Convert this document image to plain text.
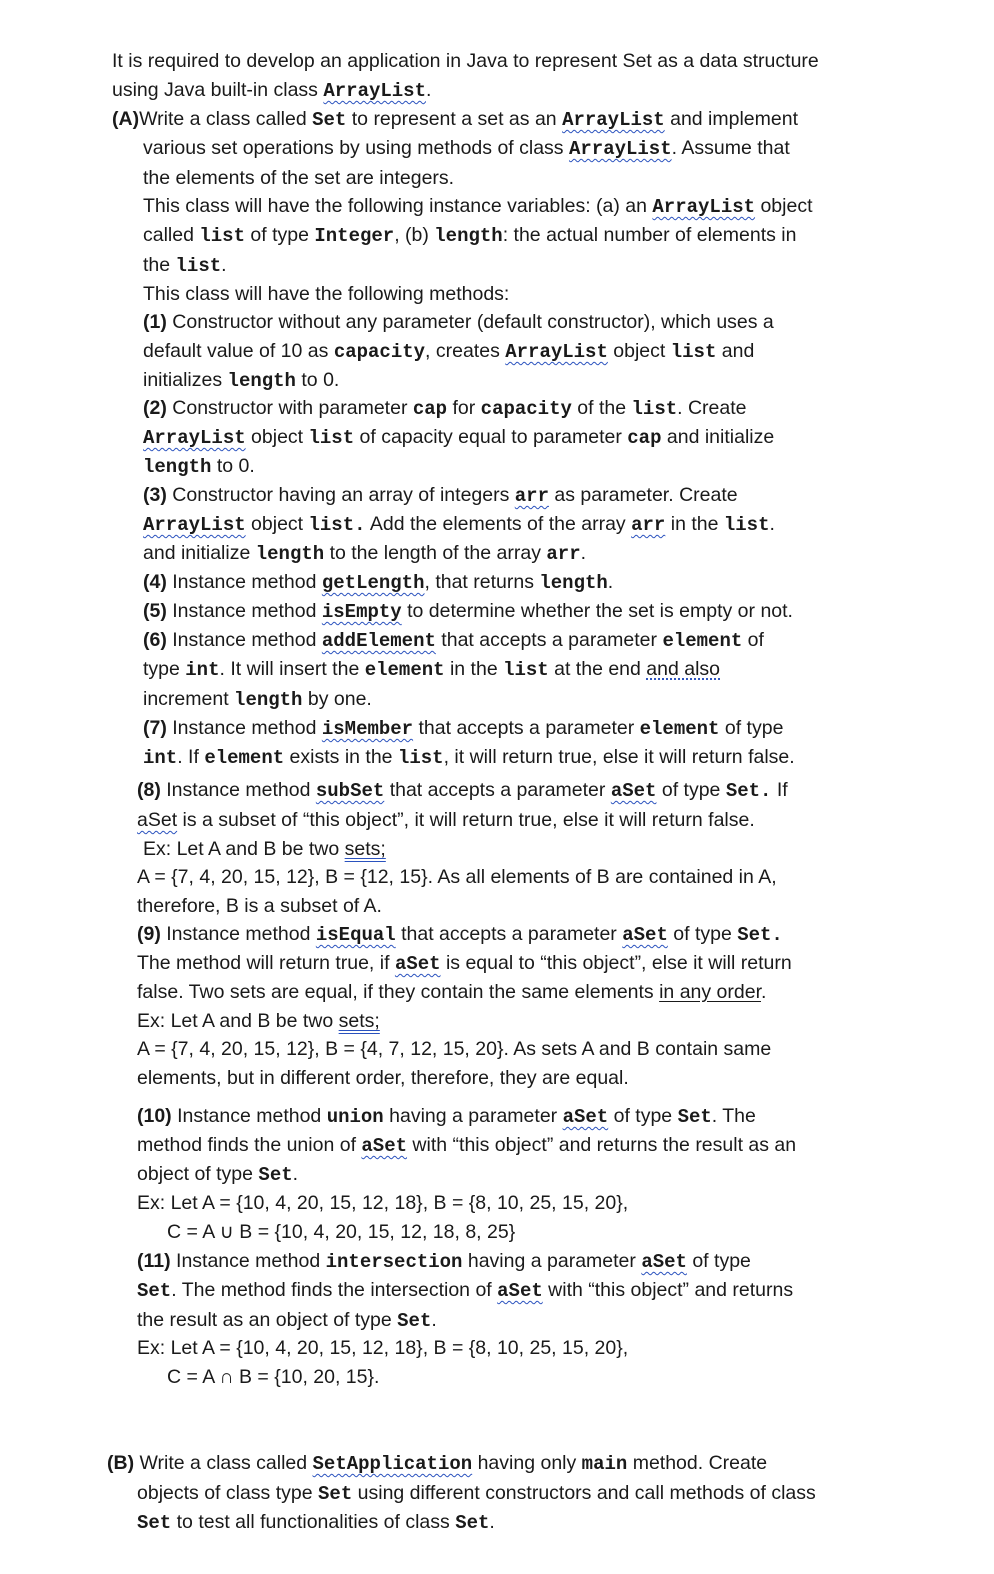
It is required to develop an application in Java to represent Set as a data structure
using Java built-in class ArrayList.
(A)Write a class called Set to represent a set as an ArrayList and implement
various set operations by using methods of class ArrayList. Assume that
the elements of the set are integers.
This class will have the following instance variables: (a) an ArrayList object
called list of type Integer, (b) length: the actual number of elements in
the list.
This class will have the following methods:
(1) Constructor without any parameter (default constructor), which uses a
default value of 10 as capacity, creates ArrayList object list and
initializes length to 0.
(2) Constructor with parameter cap for capacity of the list. Create
ArrayList object list of capacity equal to parameter cap and initialize
length to 0.
(3) Constructor having an array of integers arr as parameter. Create
ArrayList object list. Add the elements of the array arr in the list.
and initialize length to the length of the array arr.
(4) Instance method getLength, that returns length.
(5) Instance method isEmpty to determine whether the set is empty or not.
(6) Instance method addElement that accepts a parameter element of
type int. It will insert the element in the list at the end and also
increment length by one.
(7) Instance method isMember that accepts a parameter element of type
int. If element exists in the list, it will return true, else it will return false.
(8) Instance method subSet that accepts a parameter aSet of type Set. If
aSet is a subset of “this object”, it will return true, else it will return false.
Ex: Let A and B be two sets;
A = {7, 4, 20, 15, 12}, B = {12, 15}. As all elements of B are contained in A,
therefore, B is a subset of A.
(9) Instance method isEqual that accepts a parameter aSet of type Set.
The method will return true, if aSet is equal to “this object”, else it will return
false. Two sets are equal, if they contain the same elements in any order.
Ex: Let A and B be two sets;
A = {7, 4, 20, 15, 12}, B = {4, 7, 12, 15, 20}. As sets A and B contain same
elements, but in different order, therefore, they are equal.
(10) Instance method union having a parameter aSet of type Set. The
method finds the union of aSet with “this object” and returns the result as an
object of type Set.
Ex: Let A = {10, 4, 20, 15, 12, 18}, B = {8, 10, 25, 15, 20},
C = A ∪ B = {10, 4, 20, 15, 12, 18, 8, 25}
(11) Instance method intersection having a parameter aSet of type
Set. The method finds the intersection of aSet with “this object” and returns
the result as an object of type Set.
Ex: Let A = {10, 4, 20, 15, 12, 18}, B = {8, 10, 25, 15, 20},
C = A ∩ B = {10, 20, 15}.
(B) Write a class called SetApplication having only main method. Create
objects of class type Set using different constructors and call methods of class
Set to test all functionalities of class Set.
